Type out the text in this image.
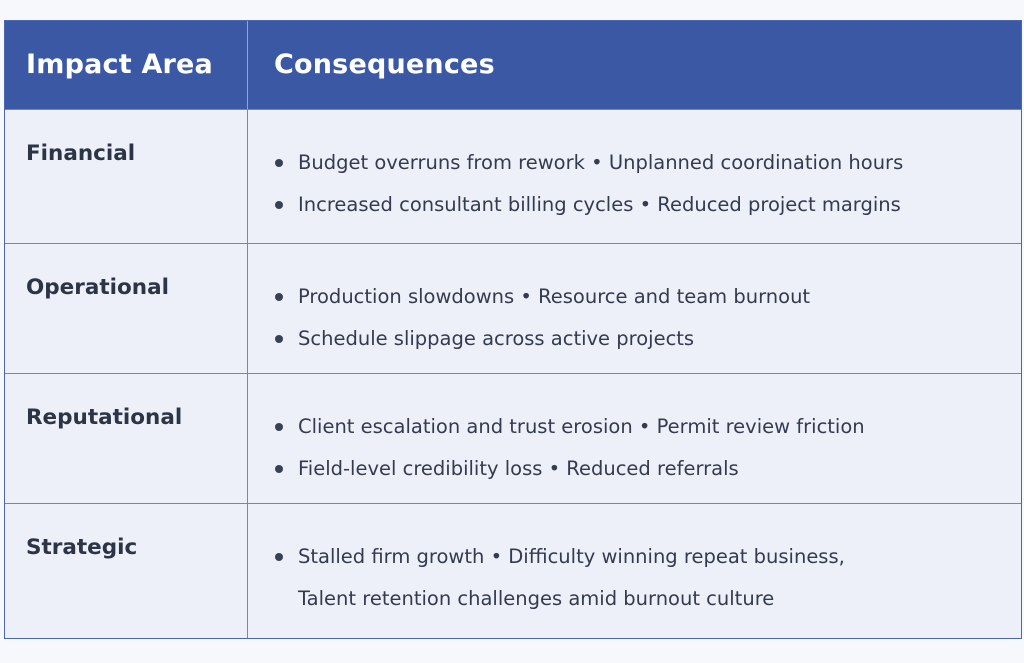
Impact Area	Consequences
Financial	Budget overruns from rework • Unplanned coordination hours
Increased consultant billing cycles • Reduced project margins
Operational	Production slowdowns • Resource and team burnout
Schedule slippage across active projects
Reputational	Client escalation and trust erosion • Permit review friction
Field-level credibility loss • Reduced referrals
Strategic	Stalled firm growth • Difficulty winning repeat business,
Talent retention challenges amid burnout culture
